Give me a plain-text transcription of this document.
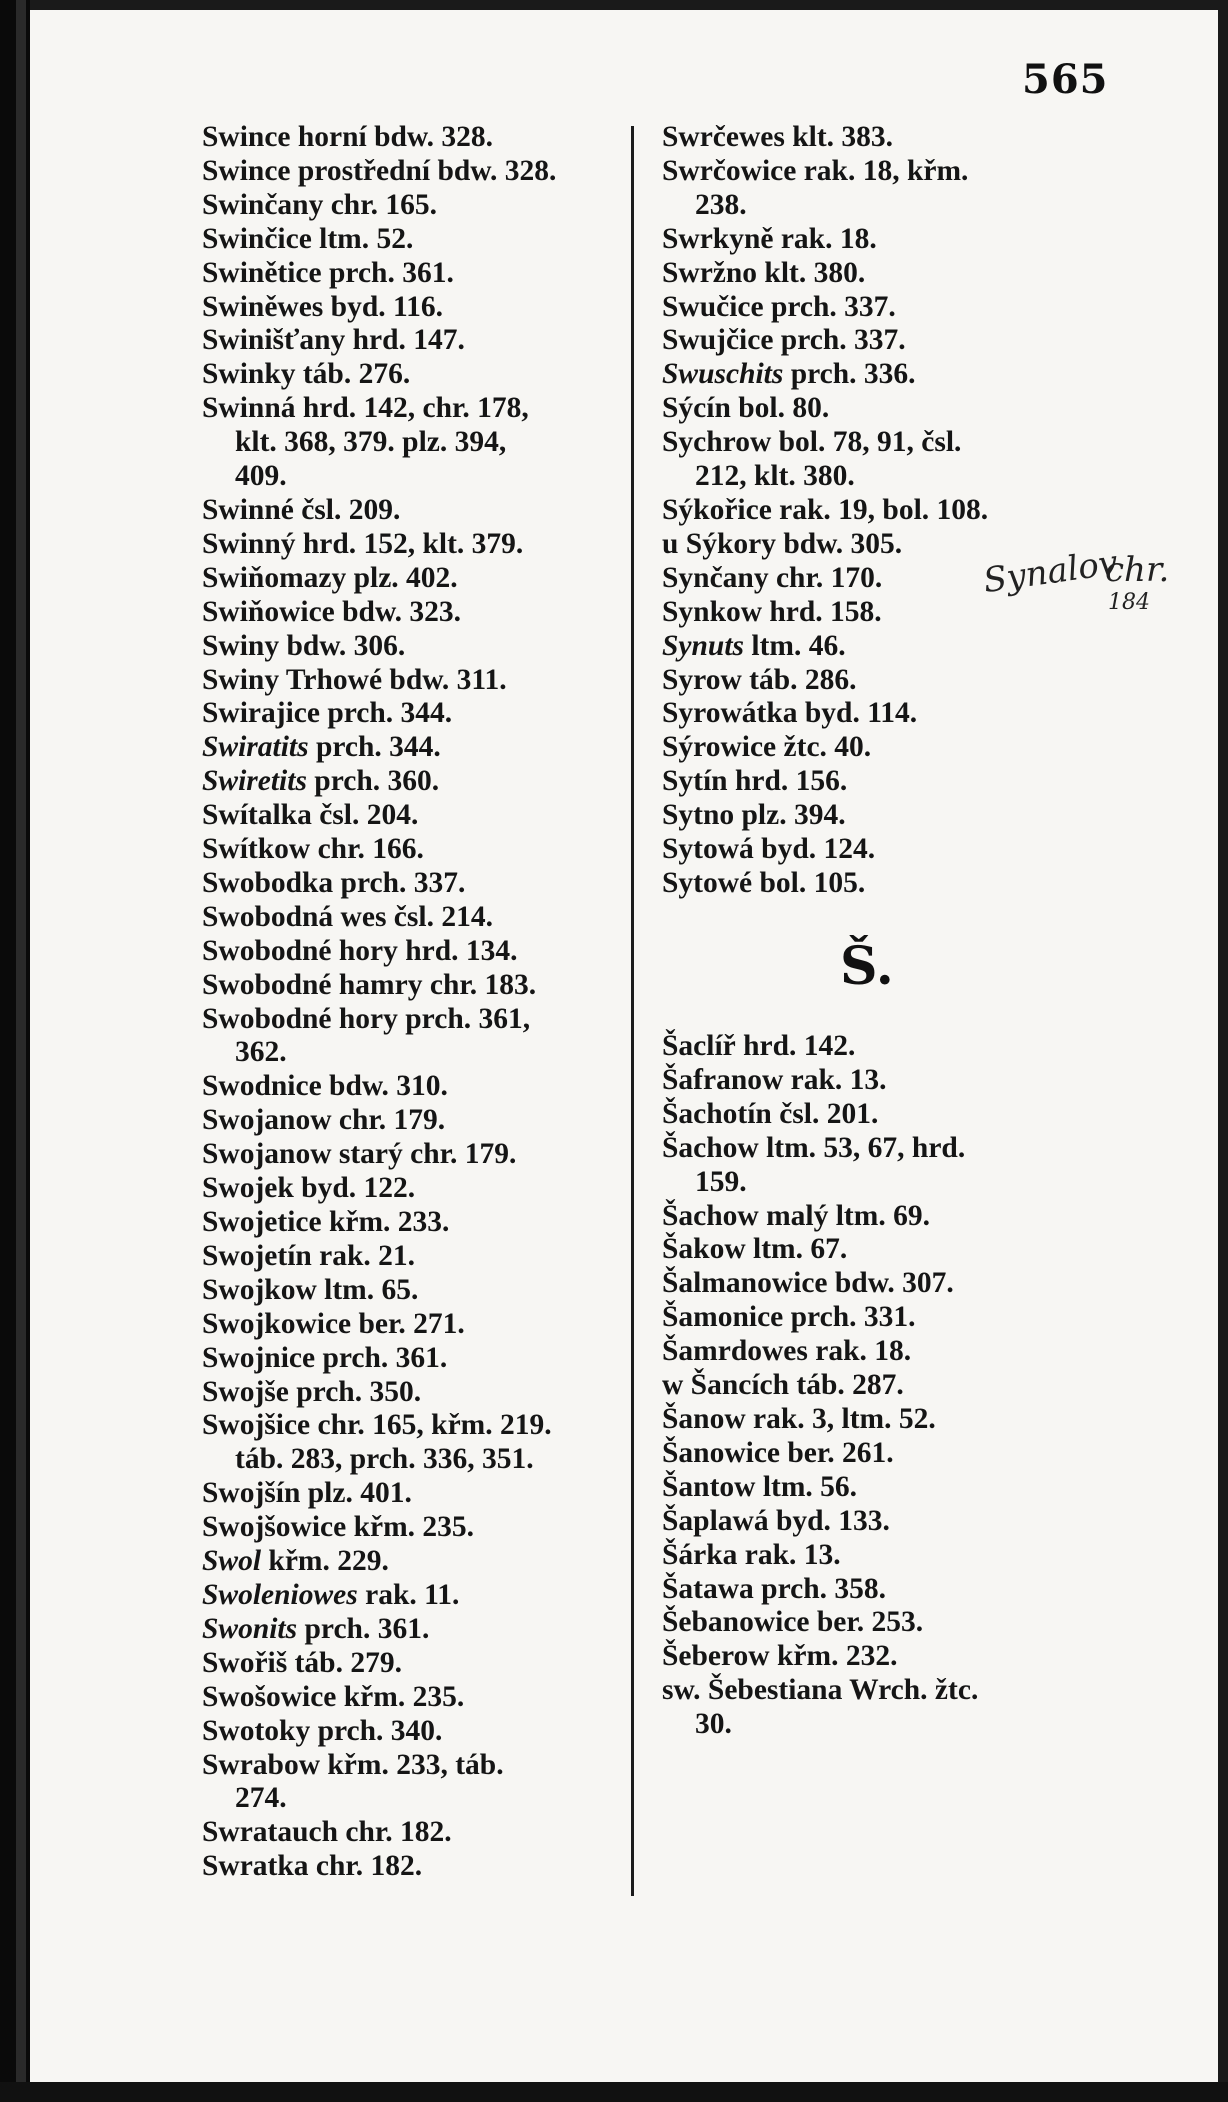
565
Swince horní bdw. 328.
Swince prostřední bdw. 328.
Swinčany chr. 165.
Swinčice ltm. 52.
Swinětice prch. 361.
Swiněwes byd. 116.
Swinišťany hrd. 147.
Swinky táb. 276.
Swinná hrd. 142, chr. 178,
klt. 368, 379. plz. 394,
409.
Swinné čsl. 209.
Swinný hrd. 152, klt. 379.
Swiňomazy plz. 402.
Swiňowice bdw. 323.
Swiny bdw. 306.
Swiny Trhowé bdw. 311.
Swirajice prch. 344.
Swiratits prch. 344.
Swiretits prch. 360.
Swítalka čsl. 204.
Swítkow chr. 166.
Swobodka prch. 337.
Swobodná wes čsl. 214.
Swobodné hory hrd. 134.
Swobodné hamry chr. 183.
Swobodné hory prch. 361,
362.
Swodnice bdw. 310.
Swojanow chr. 179.
Swojanow starý chr. 179.
Swojek byd. 122.
Swojetice křm. 233.
Swojetín rak. 21.
Swojkow ltm. 65.
Swojkowice ber. 271.
Swojnice prch. 361.
Swojše prch. 350.
Swojšice chr. 165, křm. 219.
táb. 283, prch. 336, 351.
Swojšín plz. 401.
Swojšowice křm. 235.
Swol křm. 229.
Swoleniowes rak. 11.
Swonits prch. 361.
Swořiš táb. 279.
Swošowice křm. 235.
Swotoky prch. 340.
Swrabow křm. 233, táb.
274.
Swratauch chr. 182.
Swratka chr. 182.
Swrčewes klt. 383.
Swrčowice rak. 18, křm.
238.
Swrkyně rak. 18.
Swržno klt. 380.
Swučice prch. 337.
Swujčice prch. 337.
Swuschits prch. 336.
Sýcín bol. 80.
Sychrow bol. 78, 91, čsl.
212, klt. 380.
Sýkořice rak. 19, bol. 108.
u Sýkory bdw. 305.
Synčany chr. 170.
Synkow hrd. 158.
Synuts ltm. 46.
Syrow táb. 286.
Syrowátka byd. 114.
Sýrowice žtc. 40.
Sytín hrd. 156.
Sytno plz. 394.
Sytowá byd. 124.
Sytowé bol. 105.
Šaclíř hrd. 142.
Šafranow rak. 13.
Šachotín čsl. 201.
Šachow ltm. 53, 67, hrd.
159.
Šachow malý ltm. 69.
Šakow ltm. 67.
Šalmanowice bdw. 307.
Šamonice prch. 331.
Šamrdowes rak. 18.
w Šancích táb. 287.
Šanow rak. 3, ltm. 52.
Šanowice ber. 261.
Šantow ltm. 56.
Šaplawá byd. 133.
Šárka rak. 13.
Šatawa prch. 358.
Šebanowice ber. 253.
Šeberow křm. 232.
sw. Šebestiana Wrch. žtc.
30.
Š.
Synalov
chr.
184
